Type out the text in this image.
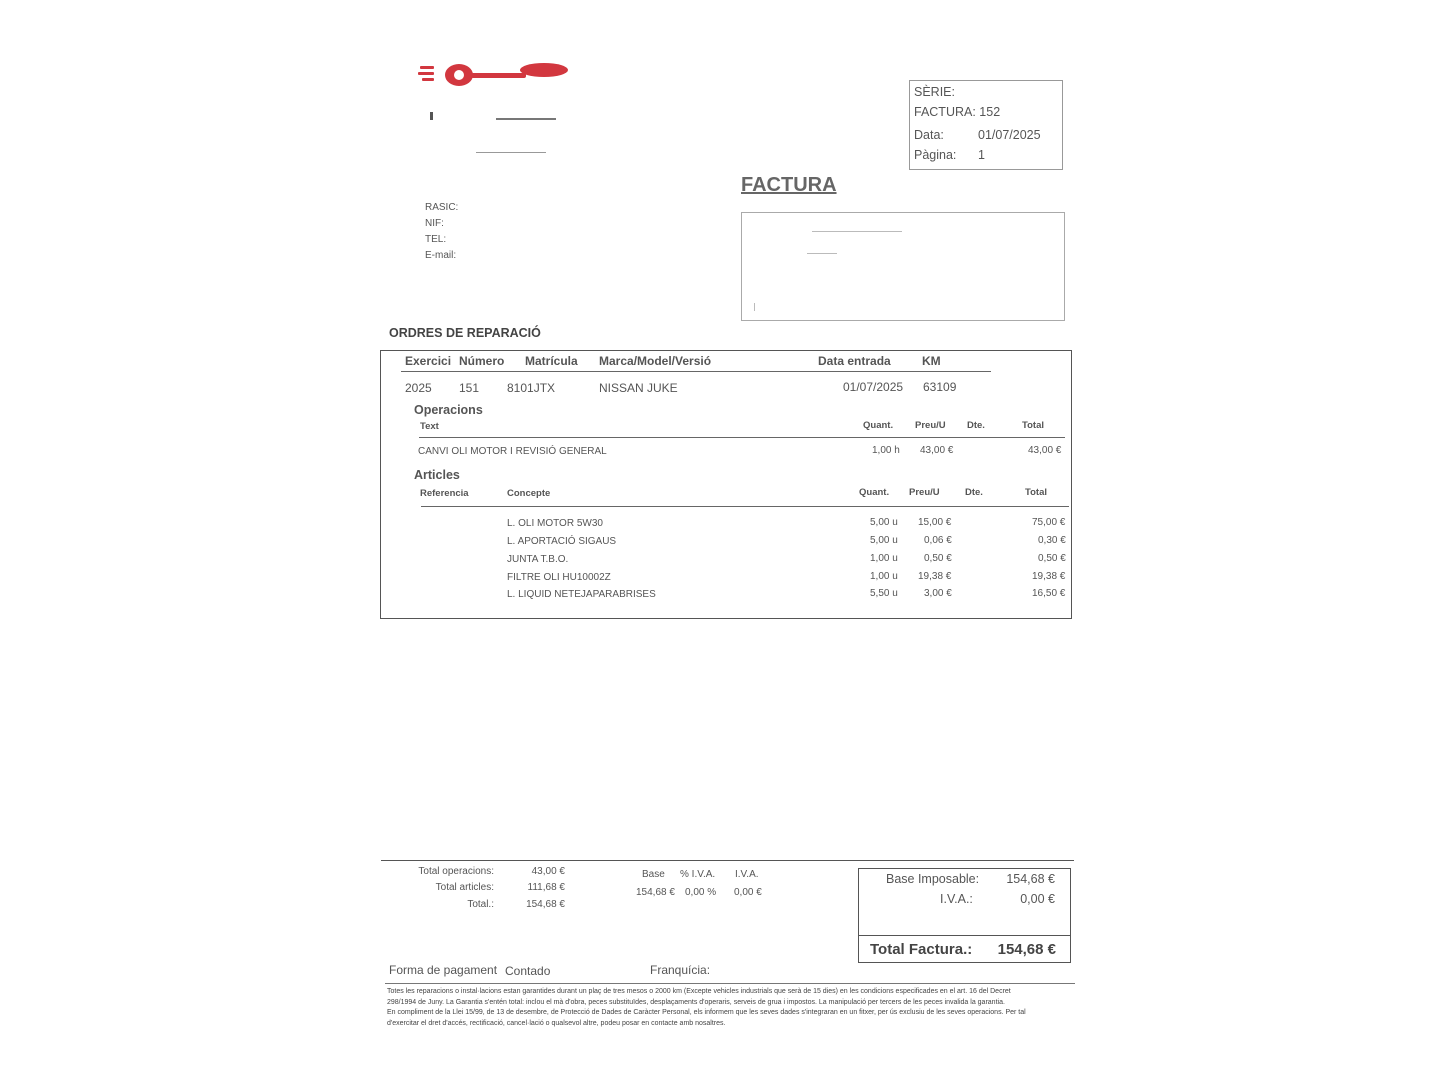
RASIC:
NIF:
TEL:
E-mail:
SÈRIE:
FACTURA: 152
Data:	01/07/2025
Pàgina: 1
FACTURA
ORDRES DE REPARACIÓ
Exercici Número Matrícula Marca/Model/Versió	Data entrada	KM
2025 151 8101JTX	NISSAN JUKE	01/07/2025 63109
Operacions
Text	Quant. Preu/U Dte.	Total
CANVI OLI MOTOR I REVISIÓ GENERAL	1,00 h 43,00 €	43,00 €
Articles
Referencia	Concepte	Quant. Preu/U	Dte.	Total
L. OLI MOTOR 5W30	5,00 u 15,00 €	75,00 €
L. APORTACIÓ SIGAUS	5,00 u	0,06 €	0,30 €
JUNTA T.B.O.	1,00 u	0,50 €	0,50 €
FILTRE OLI HU10002Z	1,00 u 19,38 €	19,38 €
L. LIQUID NETEJAPARABRISES	5,50 u	3,00 €	16,50 €
Total operacions:	43,00 €
Total articles:	111,68 €
Total.:	154,68 €
Base % I.V.A. I.V.A.
154,68 € 0,00 % 0,00 €
Base Imposable: 154,68 €
I.V.A.:	0,00 €
Total Factura.: 154,68 €
Forma de pagament Contado	Franquícia:
Totes les reparacions o instal·lacions estan garantides durant un plaç de tres mesos o 2000 km (Excepte vehicles industrials que serà de 15 dies) en les condicions especificades en el art. 16 del Decret 298/1994 de Juny. La Garantia s'entén total: inclou el mà d'obra, peces substituïdes, desplaçaments d'operaris, serveis de grua i impostos. La manipulació per tercers de les peces invalida la garantia.
En compliment de la Llei 15/99, de 13 de desembre, de Protecció de Dades de Caràcter Personal, els informem que les seves dades s'integraran en un fitxer, per ús exclusiu de les seves operacions. Per tal d'exercitar el dret d'accés, rectificació, cancel·lació o qualsevol altre, podeu posar en contacte amb nosaltres.
